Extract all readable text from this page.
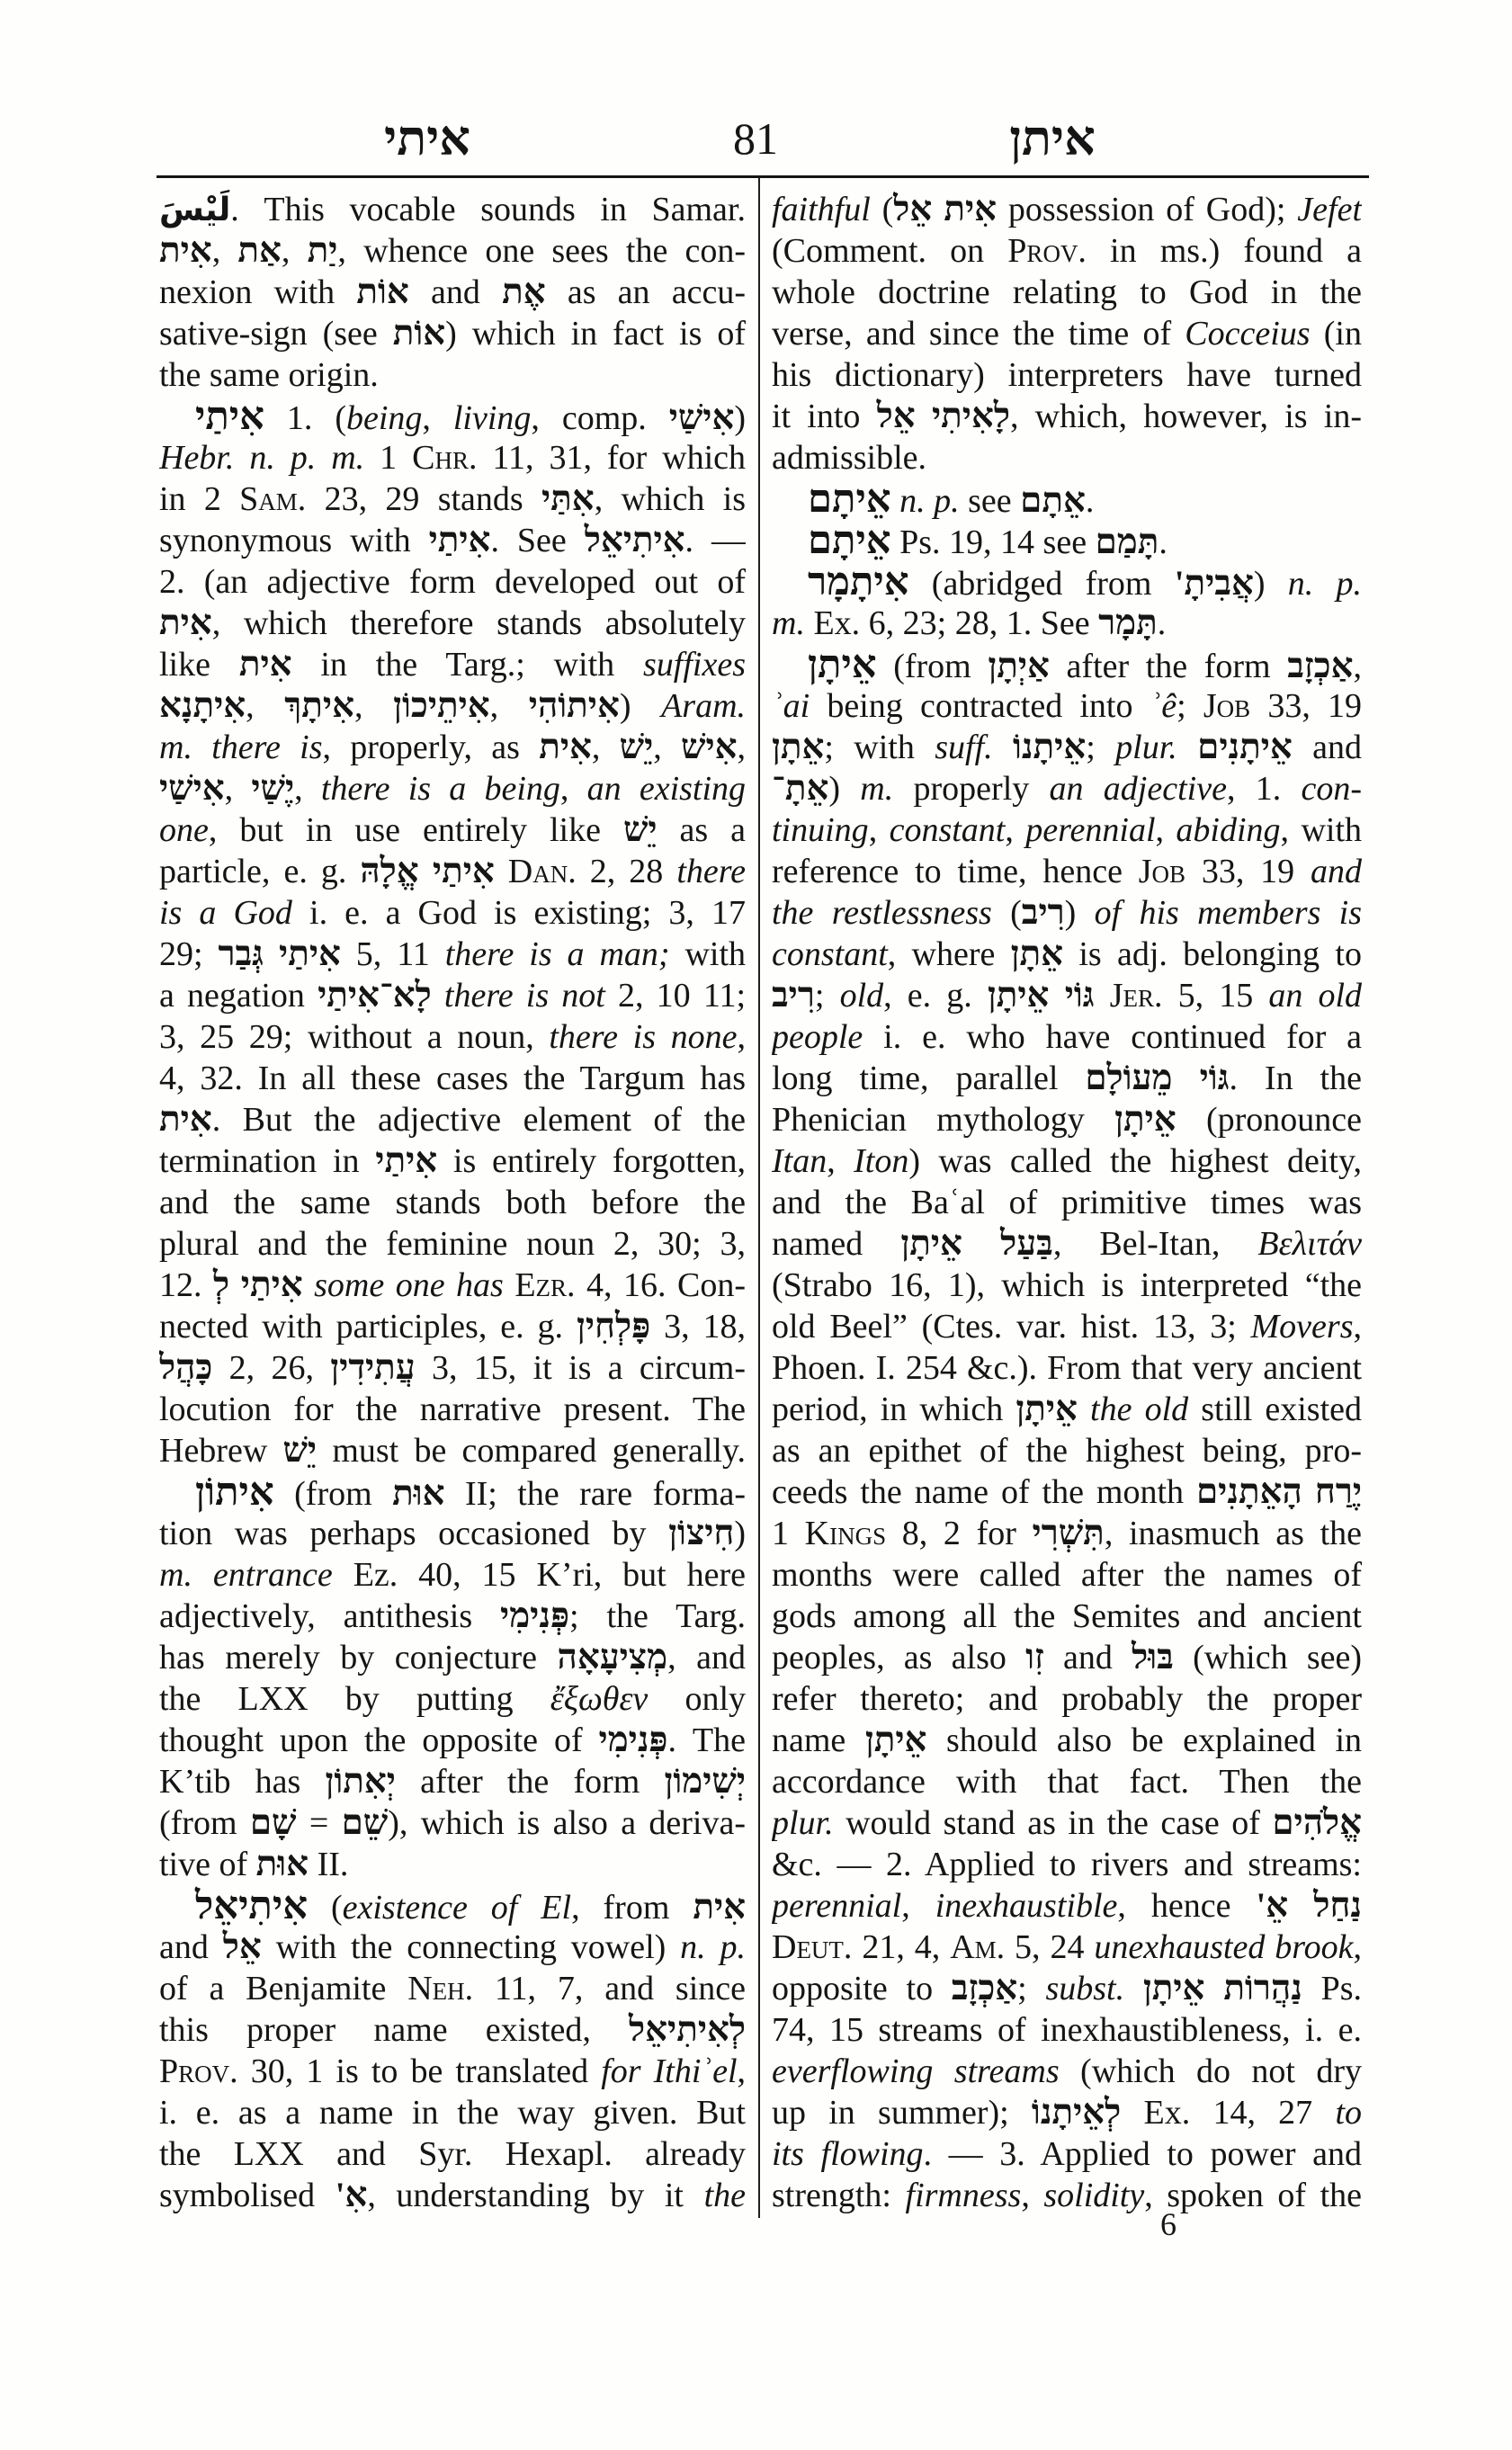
איתי	81	איתן
لَيْسَ. This vocable sounds in Samar.
אִית, אַת, יַת, whence one sees the con-
nexion with אוֹת and אֶת as an accu-
sative-sign (see אוֹת) which in fact is of
the same origin.
אִיתַי 1. (being, living, comp. אִישַׁי)
Hebr. n. p. m. 1 Chr. 11, 31, for which
in 2 Sam. 23, 29 stands אִתַּי, which is
synonymous with אִיתַי. See אִיתִיאֵל. —
2. (an adjective form developed out of
אִית, which therefore stands absolutely
like אִית in the Targ.; with suffixes
אִיתָנָא, אִיתָךְ, אִיתֵיכוֹן, אִיתוֹהִי) Aram.
m. there is, properly, as אִית, יֵשׁ, אִישׁ,
אִישַׁי, יֶשַׁי, there is a being, an existing
one, but in use entirely like יֵשׁ as a
particle, e. g. אִיתַי אֱלָהּ Dan. 2, 28 there
is a God i. e. a God is existing; 3, 17
29; אִיתַי גְּבַר 5, 11 there is a man; with
a negation לָא־אִיתַי there is not 2, 10 11;
3, 25 29; without a noun, there is none,
4, 32. In all these cases the Targum has
אִית. But the adjective element of the
termination in אִיתַי is entirely forgotten,
and the same stands both before the
plural and the feminine noun 2, 30; 3,
12. אִיתַי לְ some one has Ezr. 4, 16. Con-
nected with participles, e. g. פָּלְחִין 3, 18,
כָּהֲל 2, 26, עֲתִידִין 3, 15, it is a circum-
locution for the narrative present. The
Hebrew יֵשׁ must be compared generally.
אִיתוֹן (from אוּת II; the rare forma-
tion was perhaps occasioned by חִיצוֹן)
m. entrance Ez. 40, 15 K’ri, but here
adjectively, antithesis פְּנִימִי; the Targ.
has merely by conjecture מְצִיעָאָה, and
the LXX by putting ἔξωθεν only
thought upon the opposite of פְּנִימִי. The
K’tib has יְאִתוֹן after the form יְשִׁימוֹן
(from שָׁם = שֵׁם), which is also a deriva-
tive of אוּת II.
אִיתִיאֵל (existence of El, from אִית
and אֵל with the connecting vowel) n. p.
of a Benjamite Neh. 11, 7, and since
this proper name existed, לְאִיתִיאֵל
Prov. 30, 1 is to be translated for Ithiʾel,
i. e. as a name in the way given. But
the LXX and Syr. Hexapl. already
symbolised אִ', understanding by it the
faithful (אִית אֵל possession of God); Jefet
(Comment. on Prov. in ms.) found a
whole doctrine relating to God in the
verse, and since the time of Cocceius (in
his dictionary) interpreters have turned
it into לָאִיתִי אֵל, which, however, is in-
admissible.
אֵיתָם n. p. see אֵתָם.
אֵיתָם Ps. 19, 14 see תָּמַם.
אִיתָמָר (abridged from אֲבִיתָ') n. p.
m. Ex. 6, 23; 28, 1. See תָּמָר.
אֵיתָן (from אַיְתָן after the form אַכְזָב,
ʾai being contracted into ʾê; Job 33, 19
אֵתָן; with suff. אֵיתָנוֹ; plur. אֵיתָנִים and
אֵתָ־) m. properly an adjective, 1. con-
tinuing, constant, perennial, abiding, with
reference to time, hence Job 33, 19 and
the restlessness (רִיב) of his members is
constant, where אֵתָן is adj. belonging to
רִיב; old, e. g. גּוֹי אֵיתָן Jer. 5, 15 an old
people i. e. who have continued for a
long time, parallel גּוֹי מֵעוֹלָם. In the
Phenician mythology אֵיתָן (pronounce
Itan, Iton) was called the highest deity,
and the Baʿal of primitive times was
named בַּעַל אֵיתָן, Bel-Itan, Βελιτάν
(Strabo 16, 1), which is interpreted “the
old Beel” (Ctes. var. hist. 13, 3; Movers,
Phoen. I. 254 &c.). From that very ancient
period, in which אֵיתָן the old still existed
as an epithet of the highest being, pro-
ceeds the name of the month יֶרַח הָאֵתָנִים
1 Kings 8, 2 for תִּשְׁרִי, inasmuch as the
months were called after the names of
gods among all the Semites and ancient
peoples, as also זִו and בּוּל (which see)
refer thereto; and probably the proper
name אֵיתָן should also be explained in
accordance with that fact. Then the
plur. would stand as in the case of אֱלֹהִים
&c. — 2. Applied to rivers and streams:
perennial, inexhaustible, hence נַחַל אֵ'
Deut. 21, 4, Am. 5, 24 unexhausted brook,
opposite to אַכְזָב; subst. נַהֲרוֹת אֵיתָן Ps.
74, 15 streams of inexhaustibleness, i. e.
everflowing streams (which do not dry
up in summer); לְאֵיתָנוֹ Ex. 14, 27 to
its flowing. — 3. Applied to power and
strength: firmness, solidity, spoken of the
6
